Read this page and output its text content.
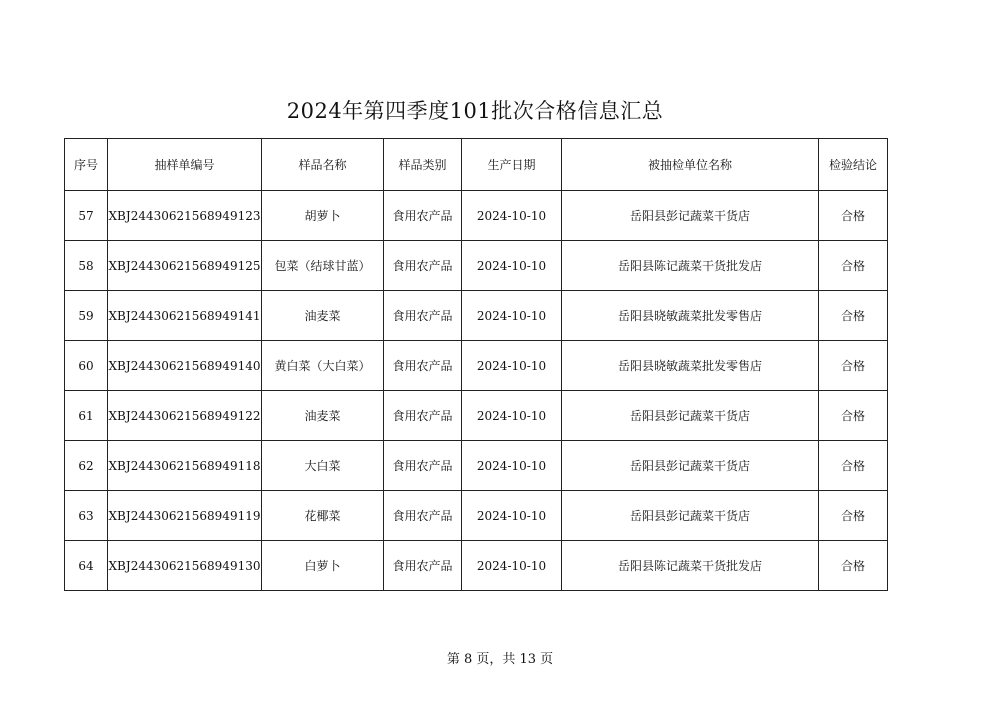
2024年第四季度101批次合格信息汇总
序号	抽样单编号	样品名称	样品类别	生产日期	被抽检单位名称	检验结论
57	XBJ24430621568949123	胡萝卜	食用农产品	2024-10-10	岳阳县彭记蔬菜干货店	合格
58	XBJ24430621568949125	包菜（结球甘蓝）	食用农产品	2024-10-10	岳阳县陈记蔬菜干货批发店	合格
59	XBJ24430621568949141	油麦菜	食用农产品	2024-10-10	岳阳县晓敏蔬菜批发零售店	合格
60	XBJ24430621568949140	黄白菜（大白菜）	食用农产品	2024-10-10	岳阳县晓敏蔬菜批发零售店	合格
61	XBJ24430621568949122	油麦菜	食用农产品	2024-10-10	岳阳县彭记蔬菜干货店	合格
62	XBJ24430621568949118	大白菜	食用农产品	2024-10-10	岳阳县彭记蔬菜干货店	合格
63	XBJ24430621568949119	花椰菜	食用农产品	2024-10-10	岳阳县彭记蔬菜干货店	合格
64	XBJ24430621568949130	白萝卜	食用农产品	2024-10-10	岳阳县陈记蔬菜干货批发店	合格
第 8 页，共 13 页
